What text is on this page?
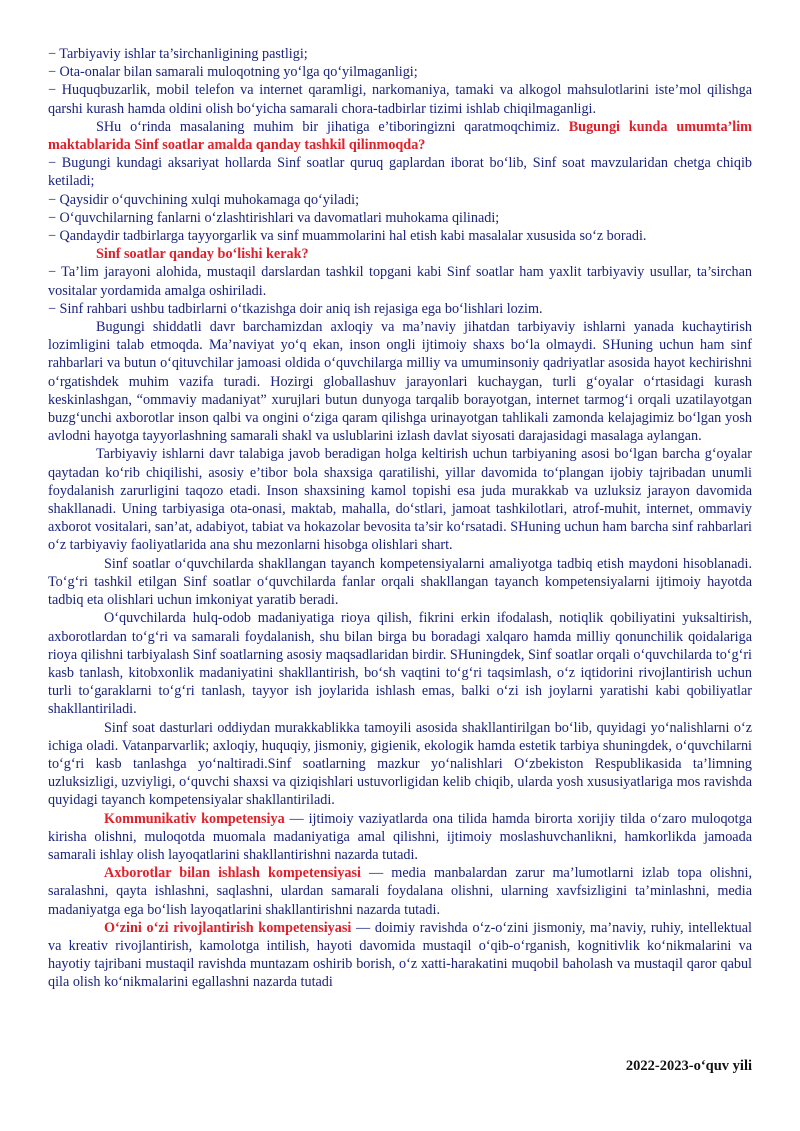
− Tarbiyaviy ishlar ta’sirchanligining pastligi;

− Ota-onalar bilan samarali muloqotning yo‘lga qo‘yilmaganligi;

− Huquqbuzarlik, mobil telefon va internet qaramligi, narkomaniya, tamaki va alkogol mahsulotlarini iste’mol qilishga qarshi kurash hamda oldini olish bo‘yicha samarali chora-tadbirlar tizimi ishlab chiqilmaganligi.

SHu o‘rinda masalaning muhim bir jihatiga e’tiboringizni qaratmoqchimiz. Bugungi kunda umumta’lim maktablarida Sinf soatlar amalda qanday tashkil qilinmoqda?

− Bugungi kundagi aksariyat hollarda Sinf soatlar quruq gaplardan iborat bo‘lib, Sinf soat mavzularidan chetga chiqib ketiladi;

− Qaysidir o‘quvchining xulqi muhokamaga qo‘yiladi;

− O‘quvchilarning fanlarni o‘zlashtirishlari va davomatlari muhokama qilinadi;

− Qandaydir tadbirlarga tayyorgarlik va sinf muammolarini hal etish kabi masalalar xususida so‘z boradi.

Sinf soatlar qanday bo‘lishi kerak?

− Ta’lim jarayoni alohida, mustaqil darslardan tashkil topgani kabi Sinf soatlar ham yaxlit tarbiyaviy usullar, ta’sirchan vositalar yordamida amalga oshiriladi.

− Sinf rahbari ushbu tadbirlarni o‘tkazishga doir aniq ish rejasiga ega bo‘lishlari lozim.

Bugungi shiddatli davr barchamizdan axloqiy va ma’naviy jihatdan tarbiyaviy ishlarni yanada kuchaytirish lozimligini talab etmoqda. Ma’naviyat yo‘q ekan, inson ongli ijtimoiy shaxs bo‘la olmaydi. SHuning uchun ham sinf rahbarlari va butun o‘qituvchilar jamoasi oldida o‘quvchilarga milliy va umuminsoniy qadriyatlar asosida hayot kechirishni o‘rgatishdek muhim vazifa turadi. Hozirgi globallashuv jarayonlari kuchaygan, turli g‘oyalar o‘rtasidagi kurash keskinlashgan, “ommaviy madaniyat” xurujlari butun dunyoga tarqalib borayotgan, internet tarmog‘i orqali uzatilayotgan buzg‘unchi axborotlar inson qalbi va ongini o‘ziga qaram qilishga urinayotgan tahlikali zamonda kelajagimiz bo‘lgan yosh avlodni hayotga tayyorlashning samarali shakl va uslublarini izlash davlat siyosati darajasidagi masalaga aylangan.

Tarbiyaviy ishlarni davr talabiga javob beradigan holga keltirish uchun tarbiyaning asosi bo‘lgan barcha g‘oyalar qaytadan ko‘rib chiqilishi, asosiy e’tibor bola shaxsiga qaratilishi, yillar davomida to‘plangan ijobiy tajribadan unumli foydalanish zarurligini taqozo etadi. Inson shaxsining kamol topishi esa juda murakkab va uzluksiz jarayon davomida shakllanadi. Uning tarbiyasiga ota-onasi, maktab, mahalla, do‘stlari, jamoat tashkilotlari, atrof-muhit, internet, ommaviy axborot vositalari, san’at, adabiyot, tabiat va hokazolar bevosita ta’sir ko‘rsatadi. SHuning uchun ham barcha sinf rahbarlari o‘z tarbiyaviy faoliyatlarida ana shu mezonlarni hisobga olishlari shart.

Sinf soatlar o‘quvchilarda shakllangan tayanch kompetensiyalarni amaliyotga tadbiq etish maydoni hisoblanadi. To‘g‘ri tashkil etilgan Sinf soatlar o‘quvchilarda fanlar orqali shakllangan tayanch kompetensiyalarni ijtimoiy hayotda tadbiq eta olishlari uchun imkoniyat yaratib beradi.

O‘quvchilarda hulq-odob madaniyatiga rioya qilish, fikrini erkin ifodalash, notiqlik qobiliyatini yuksaltirish, axborotlardan to‘g‘ri va samarali foydalanish, shu bilan birga bu boradagi xalqaro hamda milliy qonunchilik qoidalariga rioya qilishni tarbiyalash Sinf soatlarning asosiy maqsadlaridan birdir. SHuningdek, Sinf soatlar orqali o‘quvchilarda to‘g‘ri kasb tanlash, kitobxonlik madaniyatini shakllantirish, bo‘sh vaqtini to‘g‘ri taqsimlash, o‘z iqtidorini rivojlantirish uchun turli to‘garaklarni to‘g‘ri tanlash, tayyor ish joylarida ishlash emas, balki o‘zi ish joylarni yaratishi kabi qobiliyatlar shakllantiriladi.

Sinf soat dasturlari oddiydan murakkablikka tamoyili asosida shakllantirilgan bo‘lib, quyidagi yo‘nalishlarni o‘z ichiga oladi. Vatanparvarlik; axloqiy, huquqiy, jismoniy, gigienik, ekologik hamda estetik tarbiya shuningdek, o‘quvchilarni to‘g‘ri kasb tanlashga yo‘naltiradi.Sinf soatlarning mazkur yo‘nalishlari O‘zbekiston Respublikasida ta’limning uzluksizligi, uzviyligi, o‘quvchi shaxsi va qiziqishlari ustuvorligidan kelib chiqib, ularda yosh xususiyatlariga mos ravishda quyidagi tayanch kompetensiyalar shakllantiriladi.

Kommunikativ kompetensiya — ijtimoiy vaziyatlarda ona tilida hamda birorta xorijiy tilda o‘zaro muloqotga kirisha olishni, muloqotda muomala madaniyatiga amal qilishni, ijtimoiy moslashuvchanlikni, hamkorlikda jamoada samarali ishlay olish layoqatlarini shakllantirishni nazarda tutadi.

Axborotlar bilan ishlash kompetensiyasi — media manbalardan zarur ma’lumotlarni izlab topa olishni, saralashni, qayta ishlashni, saqlashni, ulardan samarali foydalana olishni, ularning xavfsizligini ta’minlashni, media madaniyatga ega bo‘lish layoqatlarini shakllantirishni nazarda tutadi.

O‘zini o‘zi rivojlantirish kompetensiyasi — doimiy ravishda o‘z-o‘zini jismoniy, ma’naviy, ruhiy, intellektual va kreativ rivojlantirish, kamolotga intilish, hayoti davomida mustaqil o‘qib-o‘rganish, kognitivlik ko‘nikmalarini va hayotiy tajribani mustaqil ravishda muntazam oshirib borish, o‘z xatti-harakatini muqobil baholash va mustaqil qaror qabul qila olish ko‘nikmalarini egallashni nazarda tutadi

2022-2023-o‘quv yili
